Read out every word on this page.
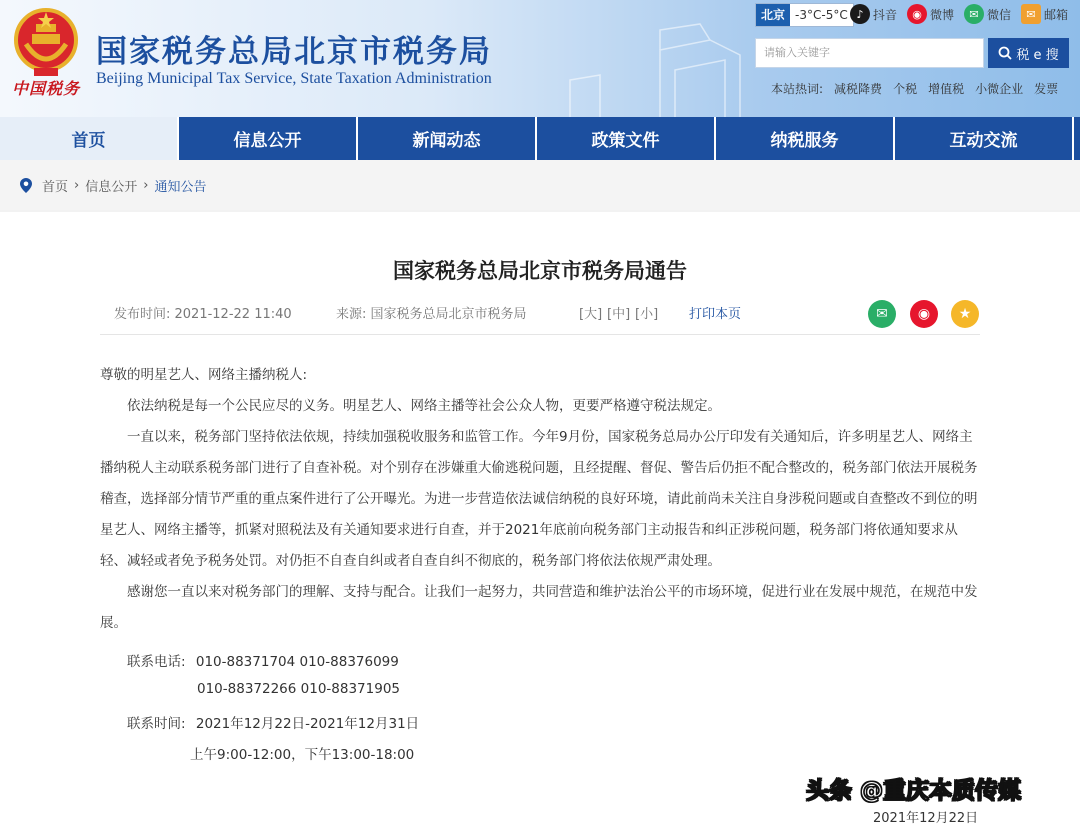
中国税务
国家税务总局北京市税务局
Beijing Municipal Tax Service, State Taxation Administration
北京 -3°C-5°C ♪ 抖音	◉ 微博	✉ 微信	✉ 邮箱
请输入关键字	税 e 搜
本站热词: 减税降费 个税 增值税 小微企业 发票
首页	信息公开	新闻动态	政策文件	纳税服务	互动交流
首页 › 信息公开 › 通知公告
国家税务总局北京市税务局通告
发布时间: 2021-12-22 11:40	来源: 国家税务总局北京市税务局	[大] [中] [小] 打印本页	✉	◉	★

尊敬的明星艺人、网络主播纳税人:

依法纳税是每一个公民应尽的义务。明星艺人、网络主播等社会公众人物，更要严格遵守税法规定。

一直以来，税务部门坚持依法依规，持续加强税收服务和监管工作。今年9月份，国家税务总局办公厅印发有关通知后，许多明星艺人、网络主播纳税人主动联系税务部门进行了自查补税。对个别存在涉嫌重大偷逃税问题，且经提醒、督促、警告后仍拒不配合整改的，税务部门依法开展税务稽查，选择部分情节严重的重点案件进行了公开曝光。为进一步营造依法诚信纳税的良好环境，请此前尚未关注自身涉税问题或自查整改不到位的明星艺人、网络主播等，抓紧对照税法及有关通知要求进行自查，并于2021年底前向税务部门主动报告和纠正涉税问题，税务部门将依通知要求从轻、减轻或者免予税务处罚。对仍拒不自查自纠或者自查自纠不彻底的，税务部门将依法依规严肃处理。

感谢您一直以来对税务部门的理解、支持与配合。让我们一起努力，共同营造和维护法治公平的市场环境，促进行业在发展中规范，在规范中发展。

联系电话: 010-88371704 010-88376099
010-88372266 010-88371905
联系时间: 2021年12月22日-2021年12月31日
上午9:00-12:00，下午13:00-18:00
2021年12月22日
头条 @重庆本质传媒
